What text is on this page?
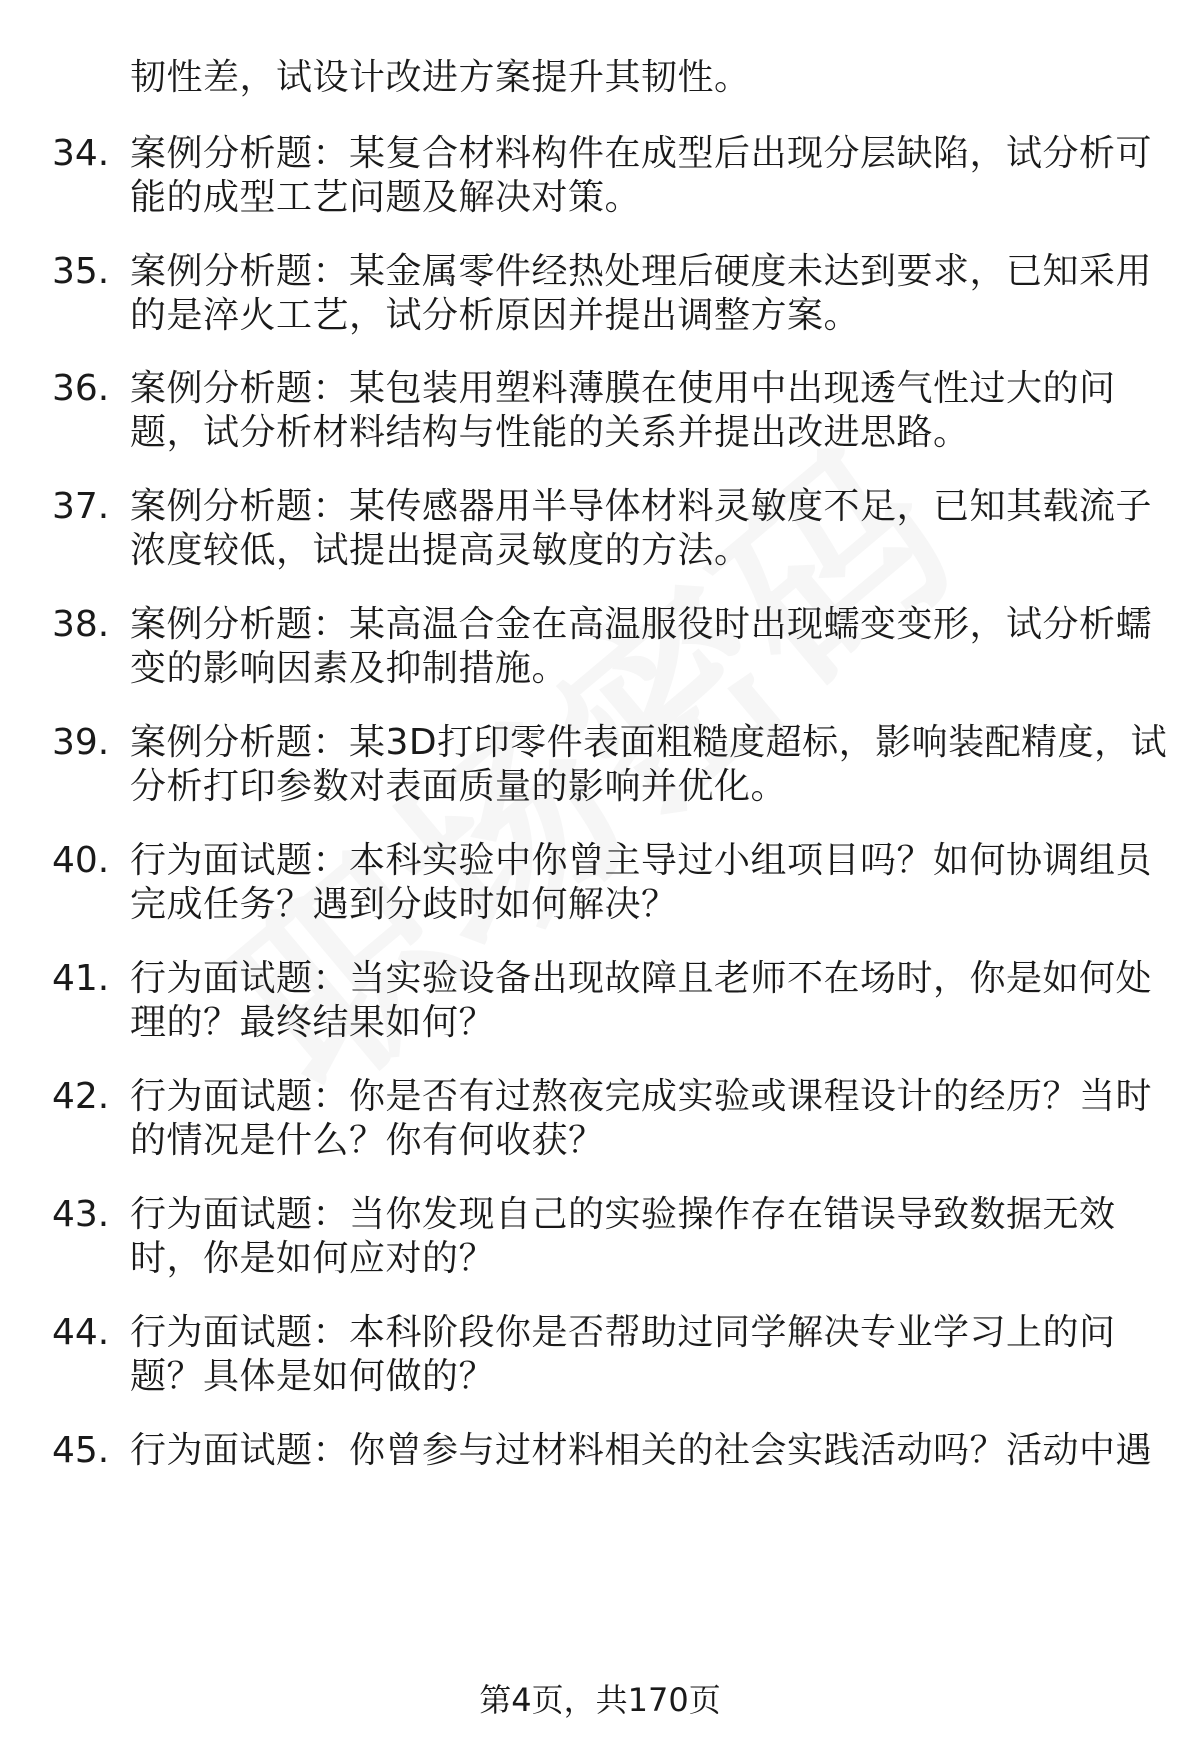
韧性差，试设计改进方案提升其韧性。
34. 案例分析题：某复合材料构件在成型后出现分层缺陷，试分析可
能的成型工艺问题及解决对策。
35. 案例分析题：某金属零件经热处理后硬度未达到要求，已知采用
的是淬火工艺，试分析原因并提出调整方案。
36. 案例分析题：某包装用塑料薄膜在使用中出现透气性过大的问
题，试分析材料结构与性能的关系并提出改进思路。
37. 案例分析题：某传感器用半导体材料灵敏度不足，已知其载流子
浓度较低，试提出提高灵敏度的方法。
38. 案例分析题：某高温合金在高温服役时出现蠕变变形，试分析蠕
变的影响因素及抑制措施。
39. 案例分析题：某3D打印零件表面粗糙度超标，影响装配精度，试
分析打印参数对表面质量的影响并优化。
40. 行为面试题：本科实验中你曾主导过小组项目吗？如何协调组员
完成任务？遇到分歧时如何解决？
41. 行为面试题：当实验设备出现故障且老师不在场时，你是如何处
理的？最终结果如何？
42. 行为面试题：你是否有过熬夜完成实验或课程设计的经历？当时
的情况是什么？你有何收获？
43. 行为面试题：当你发现自己的实验操作存在错误导致数据无效
时，你是如何应对的？
44. 行为面试题：本科阶段你是否帮助过同学解决专业学习上的问
题？具体是如何做的？
45. 行为面试题：你曾参与过材料相关的社会实践活动吗？活动中遇
第4页，共170页
